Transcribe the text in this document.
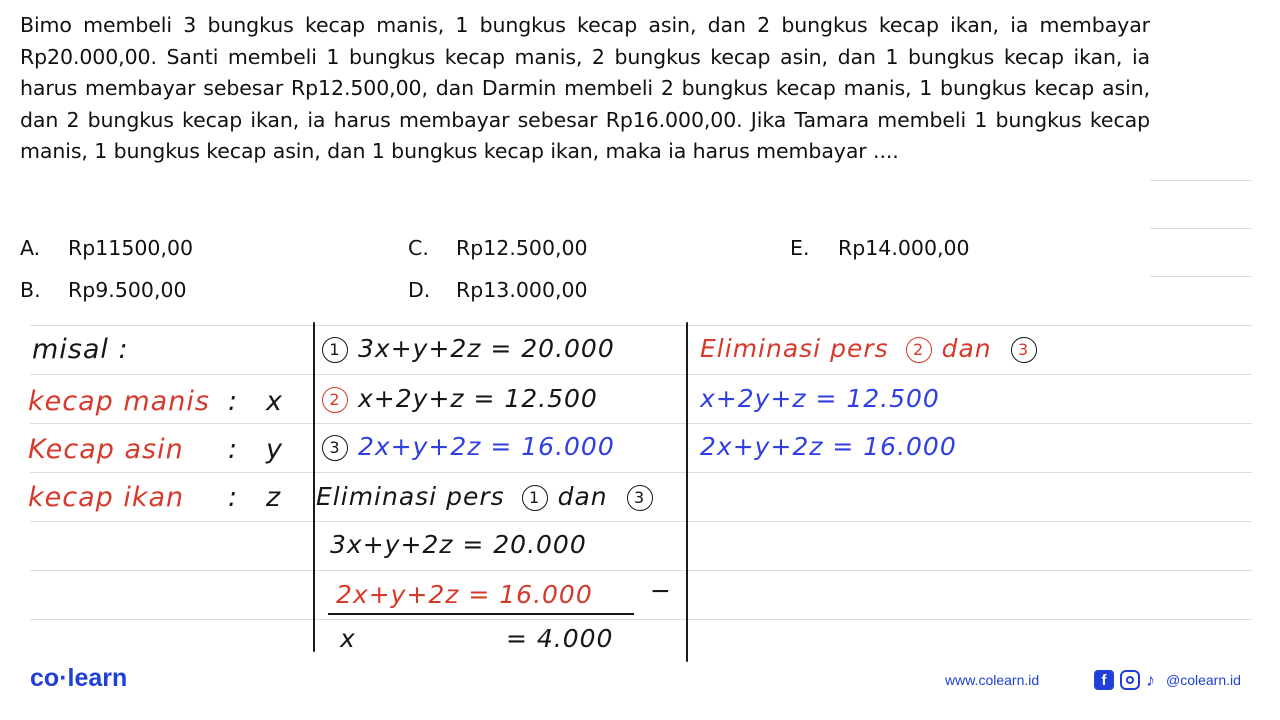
Bimo membeli 3 bungkus kecap manis, 1 bungkus kecap asin, dan 2 bungkus kecap ikan, ia membayar Rp20.000,00. Santi membeli 1 bungkus kecap manis, 2 bungkus kecap asin, dan 1 bungkus kecap ikan, ia harus membayar sebesar Rp12.500,00, dan Darmin membeli 2 bungkus kecap manis, 1 bungkus kecap asin, dan 2 bungkus kecap ikan, ia harus membayar sebesar Rp16.000,00. Jika Tamara membeli 1 bungkus kecap manis, 1 bungkus kecap asin, dan 1 bungkus kecap ikan, maka ia harus membayar ....
A. Rp11500,00
B. Rp9.500,00
C. Rp12.500,00
D. Rp13.000,00
E. Rp14.000,00
misal :
kecap manis : x
Kecap asin : y
kecap ikan : z
1 3x+y+2z = 20.000
2 x+2y+z = 12.500
3 2x+y+2z = 16.000
Eliminasi pers 1 dan 3
3x+y+2z = 20.000
2x+y+2z = 16.000 −
x	= 4.000
Eliminasi pers 2 dan 3
x+2y+z = 12.500
2x+y+2z = 16.000
co·learn	www.colearn.id	f	♪ @colearn.id
